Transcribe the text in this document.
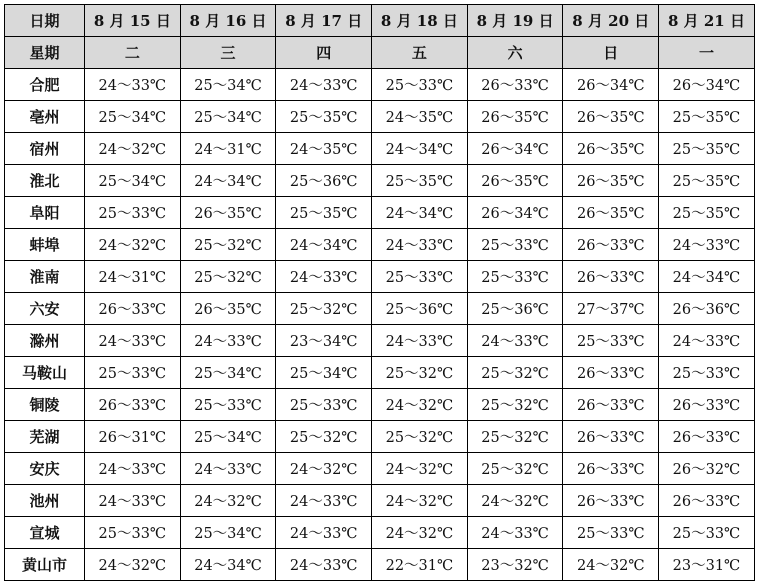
日期	8 月 15 日	8 月 16 日	8 月 17 日	8 月 18 日	8 月 19 日	8 月 20 日	8 月 21 日
星期	二	三	四	五	六	日	一
合肥	24～33℃	25～34℃	24～33℃	25～33℃	26～33℃	26～34℃	26～34℃
亳州	25～34℃	25～34℃	25～35℃	24～35℃	26～35℃	26～35℃	25～35℃
宿州	24～32℃	24～31℃	24～35℃	24～34℃	26～34℃	26～35℃	25～35℃
淮北	25～34℃	24～34℃	25～36℃	25～35℃	26～35℃	26～35℃	25～35℃
阜阳	25～33℃	26～35℃	25～35℃	24～34℃	26～34℃	26～35℃	25～35℃
蚌埠	24～32℃	25～32℃	24～34℃	24～33℃	25～33℃	26～33℃	24～33℃
淮南	24～31℃	25～32℃	24～33℃	25～33℃	25～33℃	26～33℃	24～34℃
六安	26～33℃	26～35℃	25～32℃	25～36℃	25～36℃	27～37℃	26～36℃
滁州	24～33℃	24～33℃	23～34℃	24～33℃	24～33℃	25～33℃	24～33℃
马鞍山	25～33℃	25～34℃	25～34℃	25～32℃	25～32℃	26～33℃	25～33℃
铜陵	26～33℃	25～33℃	25～33℃	24～32℃	25～32℃	26～33℃	26～33℃
芜湖	26～31℃	25～34℃	25～32℃	25～32℃	25～32℃	26～33℃	26～33℃
安庆	24～33℃	24～33℃	24～32℃	24～32℃	25～32℃	26～33℃	26～32℃
池州	24～33℃	24～32℃	24～33℃	24～32℃	24～32℃	26～33℃	26～33℃
宣城	25～33℃	25～34℃	24～33℃	24～32℃	24～33℃	25～33℃	25～33℃
黄山市	24～32℃	24～34℃	24～33℃	22～31℃	23～32℃	24～32℃	23～31℃
